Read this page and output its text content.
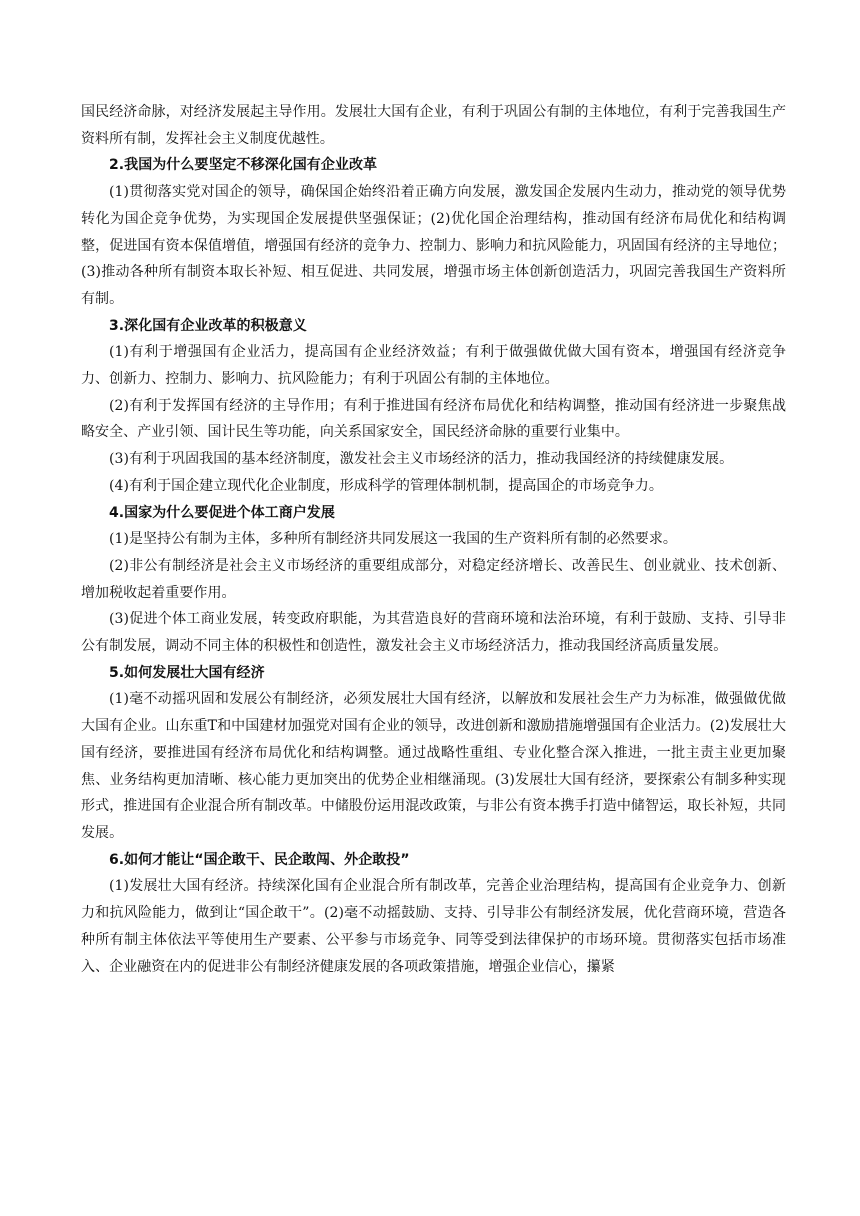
国民经济命脉，对经济发展起主导作用。发展壮大国有企业，有利于巩固公有制的主体地位，有利于完善我国生产资料所有制，发挥社会主义制度优越性。

2.我国为什么要坚定不移深化国有企业改革

(1)贯彻落实党对国企的领导，确保国企始终沿着正确方向发展，激发国企发展内生动力，推动党的领导优势转化为国企竞争优势，为实现国企发展提供坚强保证；(2)优化国企治理结构，推动国有经济布局优化和结构调整，促进国有资本保值增值，增强国有经济的竞争力、控制力、影响力和抗风险能力，巩固国有经济的主导地位；(3)推动各种所有制资本取长补短、相互促进、共同发展，增强市场主体创新创造活力，巩固完善我国生产资料所有制。

3.深化国有企业改革的积极意义

(1)有利于增强国有企业活力，提高国有企业经济效益；有利于做强做优做大国有资本，增强国有经济竞争力、创新力、控制力、影响力、抗风险能力；有利于巩固公有制的主体地位。

(2)有利于发挥国有经济的主导作用；有利于推进国有经济布局优化和结构调整，推动国有经济进一步聚焦战略安全、产业引领、国计民生等功能，向关系国家安全，国民经济命脉的重要行业集中。

(3)有利于巩固我国的基本经济制度，激发社会主义市场经济的活力，推动我国经济的持续健康发展。

(4)有利于国企建立现代化企业制度，形成科学的管理体制机制，提高国企的市场竞争力。

4.国家为什么要促进个体工商户发展

(1)是坚持公有制为主体，多种所有制经济共同发展这一我国的生产资料所有制的必然要求。

(2)非公有制经济是社会主义市场经济的重要组成部分，对稳定经济增长、改善民生、创业就业、技术创新、增加税收起着重要作用。

(3)促进个体工商业发展，转变政府职能，为其营造良好的营商环境和法治环境，有利于鼓励、支持、引导非公有制发展，调动不同主体的积极性和创造性，激发社会主义市场经济活力，推动我国经济高质量发展。

5.如何发展壮大国有经济

(1)毫不动摇巩固和发展公有制经济，必须发展壮大国有经济，以解放和发展社会生产力为标准，做强做优做大国有企业。山东重T和中国建材加强党对国有企业的领导，改进创新和激励措施增强国有企业活力。(2)发展壮大国有经济，要推进国有经济布局优化和结构调整。通过战略性重组、专业化整合深入推进，一批主责主业更加聚焦、业务结构更加清晰、核心能力更加突出的优势企业相继涌现。(3)发展壮大国有经济，要探索公有制多种实现形式，推进国有企业混合所有制改革。中储股份运用混改政策，与非公有资本携手打造中储智运，取长补短，共同发展。

6.如何才能让“国企敢干、民企敢闯、外企敢投”

(1)发展壮大国有经济。持续深化国有企业混合所有制改革，完善企业治理结构，提高国有企业竞争力、创新力和抗风险能力，做到让“国企敢干”。(2)毫不动摇鼓励、支持、引导非公有制经济发展，优化营商环境，营造各种所有制主体依法平等使用生产要素、公平参与市场竞争、同等受到法律保护的市场环境。贯彻落实包括市场准入、企业融资在内的促进非公有制经济健康发展的各项政策措施，增强企业信心，攥紧
